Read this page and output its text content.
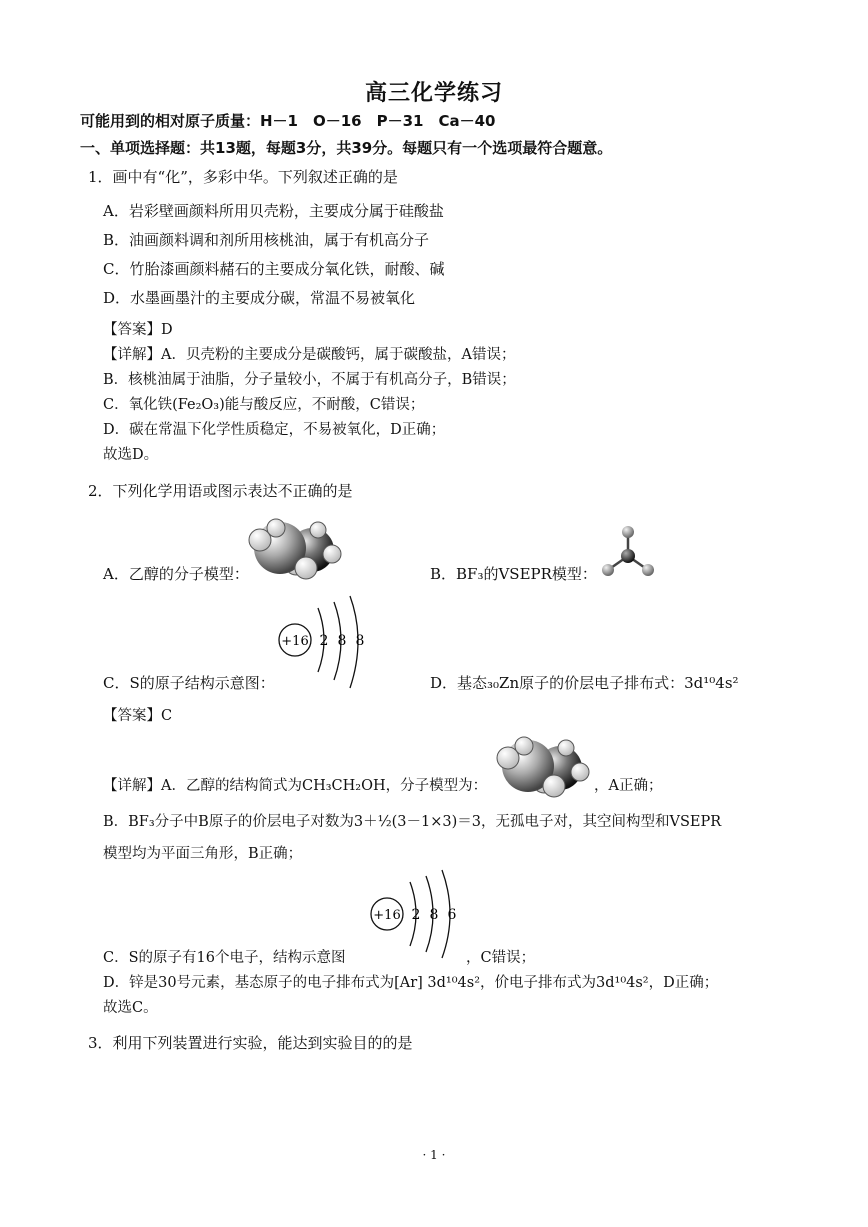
高三化学练习
可能用到的相对原子质量：H－1　O－16　P－31　Ca－40
一、单项选择题：共13题，每题3分，共39分。每题只有一个选项最符合题意。
1．画中有“化”，多彩中华。下列叙述正确的是
A．岩彩壁画颜料所用贝壳粉，主要成分属于硅酸盐
B．油画颜料调和剂所用核桃油，属于有机高分子
C．竹胎漆画颜料赭石的主要成分氧化铁，耐酸、碱
D．水墨画墨汁的主要成分碳，常温不易被氧化
【答案】D
【详解】A．贝壳粉的主要成分是碳酸钙，属于碳酸盐，A错误；
B．核桃油属于油脂，分子量较小，不属于有机高分子，B错误；
C．氧化铁(Fe₂O₃)能与酸反应，不耐酸，C错误；
D．碳在常温下化学性质稳定，不易被氧化，D正确；
故选D。
2．下列化学用语或图示表达不正确的是
A．乙醇的分子模型：	B．BF₃的VSEPR模型：
C．S的原子结构示意图：
+16 2 8 8
D．基态₃₀Zn原子的价层电子排布式：3d¹⁰4s²
【答案】C
【详解】A．乙醇的结构简式为CH₃CH₂OH，分子模型为：	，A正确；
B．BF₃分子中B原子的价层电子对数为3＋½(3－1×3)＝3，无孤电子对，其空间构型和VSEPR
模型均为平面三角形，B正确；
+16 2 8 6
C．S的原子有16个电子，结构示意图	，C错误；
D．锌是30号元素，基态原子的电子排布式为[Ar] 3d¹⁰4s²，价电子排布式为3d¹⁰4s²，D正确；
故选C。
3．利用下列装置进行实验，能达到实验目的的是
· 1 ·
